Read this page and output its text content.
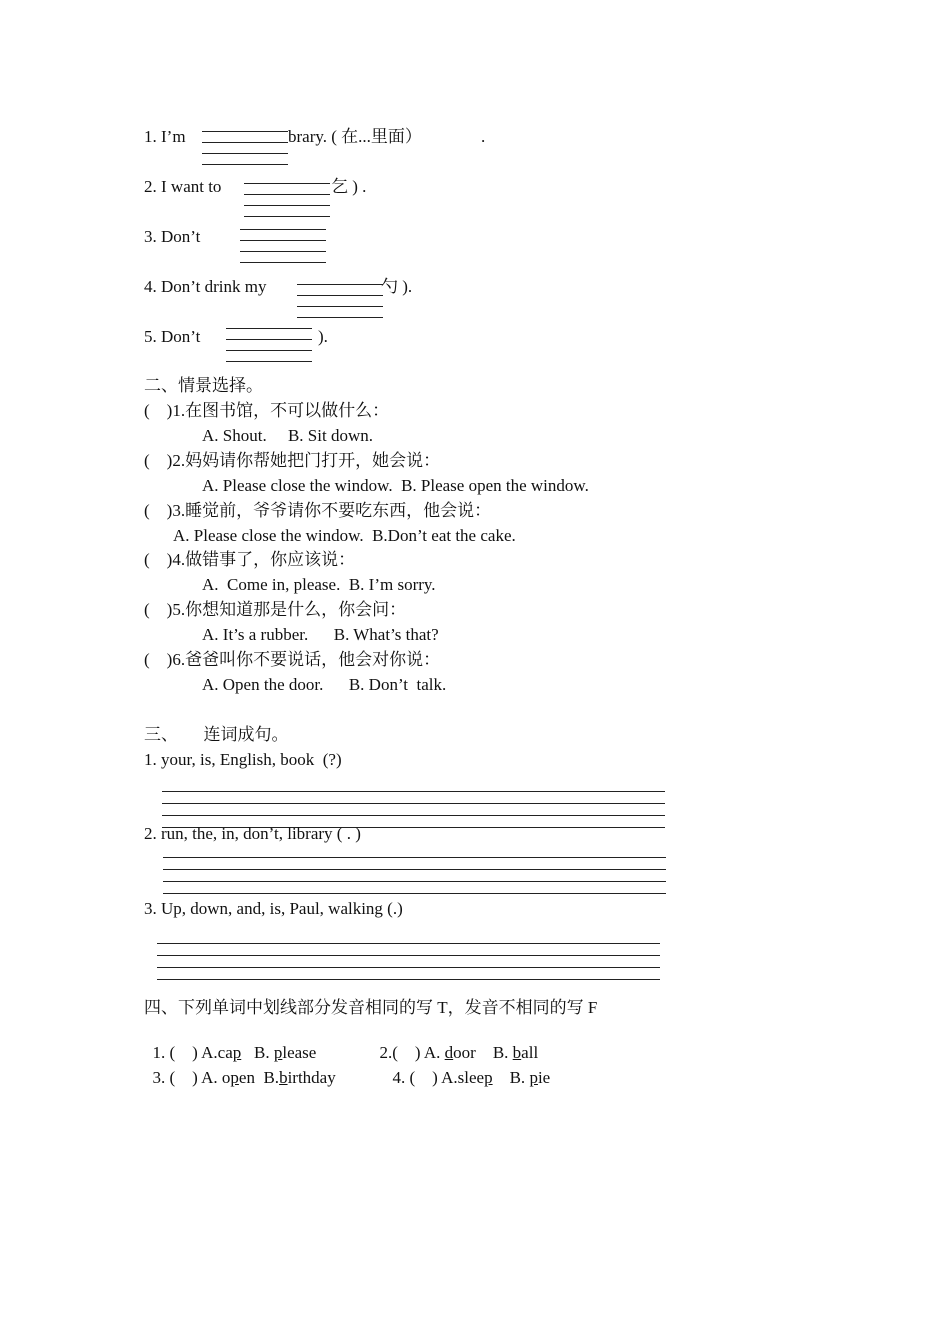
1. I’m	brary. ( 在...里面）	.
2. I want to	乞 ) .
3. Don’t
4. Don’t drink my	勺 ).
5. Don’t	).
二、情景选择。
(    )1.在图书馆，不可以做什么：
A. Shout.     B. Sit down.
(    )2.妈妈请你帮她把门打开，她会说：
A. Please close the window.  B. Please open the window.
(    )3.睡觉前，爷爷请你不要吃东西，他会说：
A. Please close the window.  B.Don’t eat the cake.
(    )4.做错事了，你应该说：
A.  Come in, please.  B. I’m sorry.
(    )5.你想知道那是什么，你会问：
A. It’s a rubber.      B. What’s that?
(    )6.爸爸叫你不要说话，他会对你说：
A. Open the door.      B. Don’t  talk.
三、      连词成句。
1. your, is, English, book  (?)
2. run, the, in, don’t, library ( . )
3. Up, down, and, is, Paul, walking (.)
四、下列单词中划线部分发音相同的写 T，发音不相同的写 F

1. (    ) A.cap   B. please	2.(    ) A. door    B. ball

3. (    ) A. open  B.birthday	4. (    ) A.sleep    B. pie
